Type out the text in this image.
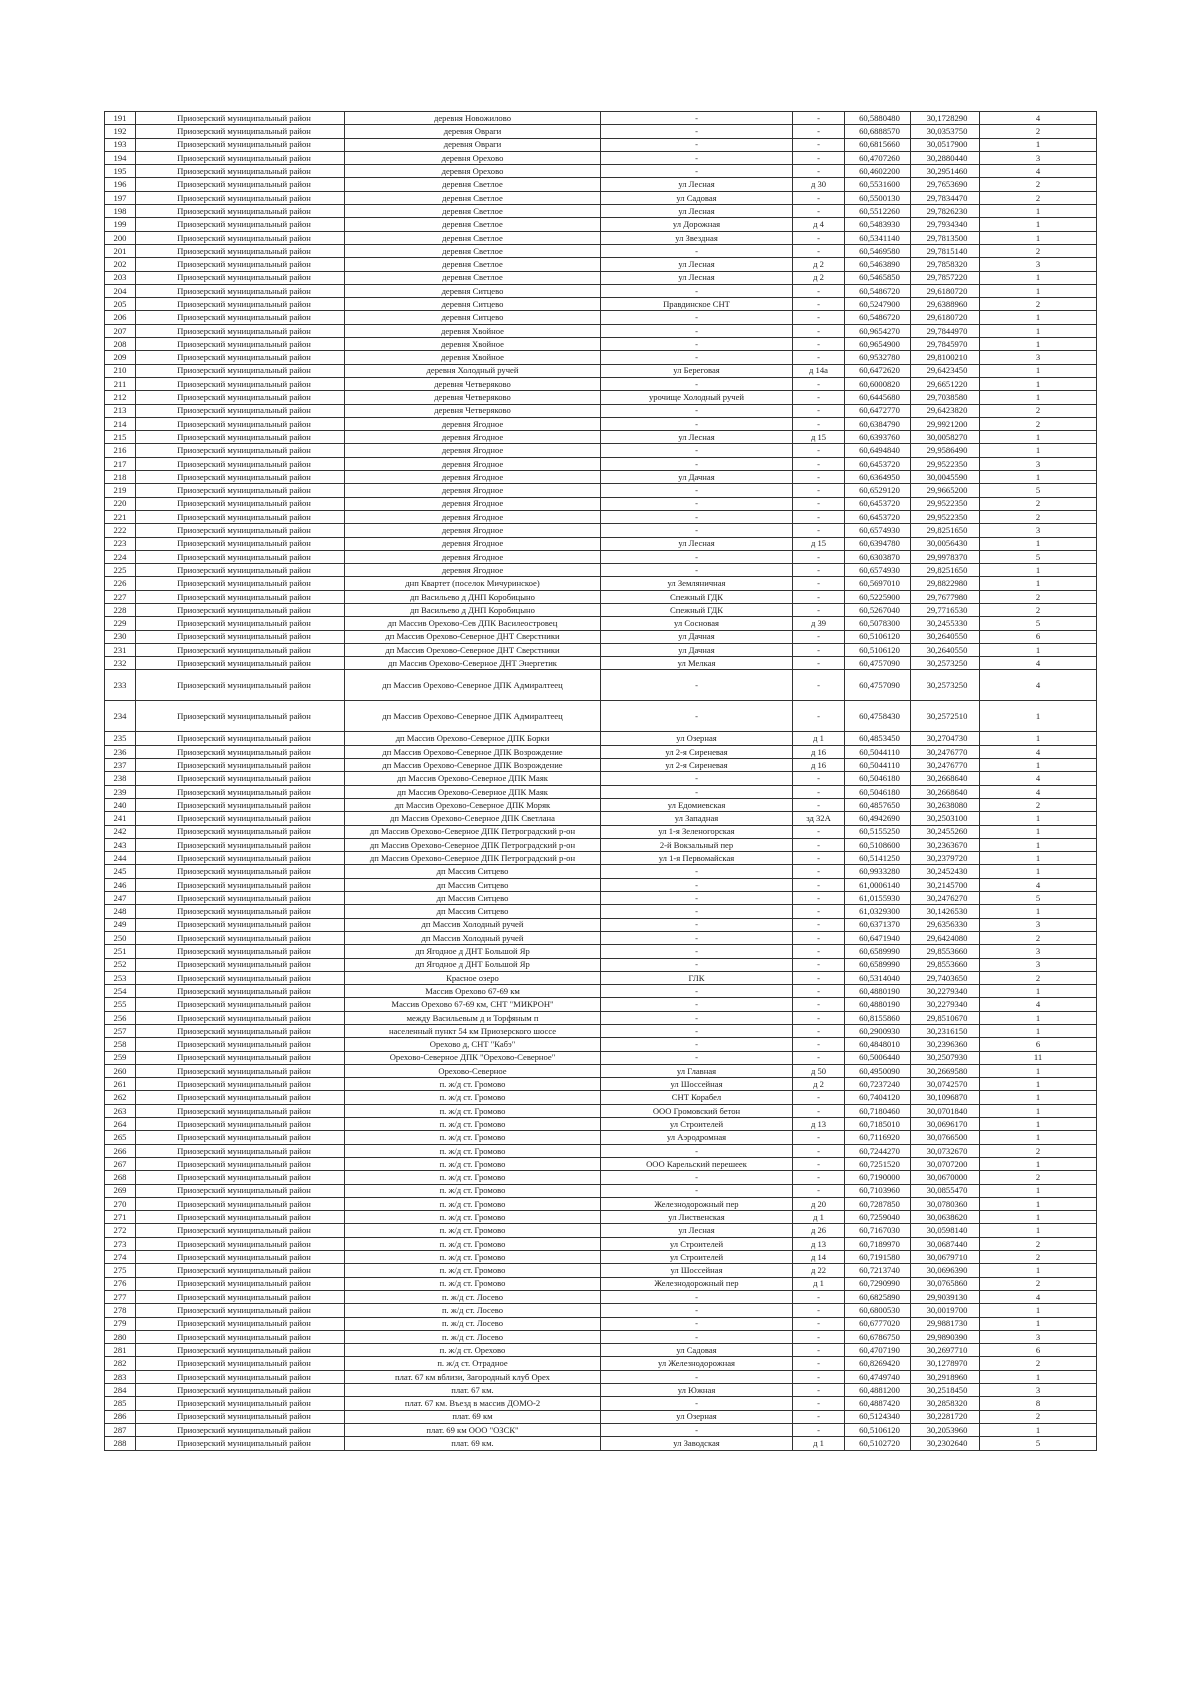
191	Приозерский муниципальный район	деревня Новожилово	-	-	60,5880480	30,1728290	4
192	Приозерский муниципальный район	деревня Овраги	-	-	60,6888570	30,0353750	2
193	Приозерский муниципальный район	деревня Овраги	-	-	60,6815660	30,0517900	1
194	Приозерский муниципальный район	деревня Орехово	-	-	60,4707260	30,2880440	3
195	Приозерский муниципальный район	деревня Орехово	-	-	60,4602200	30,2951460	4
196	Приозерский муниципальный район	деревня Светлое	ул Лесная	д 30	60,5531600	29,7653690	2
197	Приозерский муниципальный район	деревня Светлое	ул Садовая	-	60,5500130	29,7834470	2
198	Приозерский муниципальный район	деревня Светлое	ул Лесная	-	60,5512260	29,7826230	1
199	Приозерский муниципальный район	деревня Светлое	ул Дорожная	д 4	60,5483930	29,7934340	1
200	Приозерский муниципальный район	деревня Светлое	ул Звездная	-	60,5341140	29,7813500	1
201	Приозерский муниципальный район	деревня Светлое	-	-	60,5469580	29,7815140	2
202	Приозерский муниципальный район	деревня Светлое	ул Лесная	д 2	60,5463890	29,7858320	3
203	Приозерский муниципальный район	деревня Светлое	ул Лесная	д 2	60,5465850	29,7857220	1
204	Приозерский муниципальный район	деревня Ситцево	-	-	60,5486720	29,6180720	1
205	Приозерский муниципальный район	деревня Ситцево	Правдинское СНТ	-	60,5247900	29,6388960	2
206	Приозерский муниципальный район	деревня Ситцево	-	-	60,5486720	29,6180720	1
207	Приозерский муниципальный район	деревня Хвойное	-	-	60,9654270	29,7844970	1
208	Приозерский муниципальный район	деревня Хвойное	-	-	60,9654900	29,7845970	1
209	Приозерский муниципальный район	деревня Хвойное	-	-	60,9532780	29,8100210	3
210	Приозерский муниципальный район	деревня Холодный ручей	ул Береговая	д 14а	60,6472620	29,6423450	1
211	Приозерский муниципальный район	деревня Четверяково	-	-	60,6000820	29,6651220	1
212	Приозерский муниципальный район	деревня Четверяково	урочище Холодный ручей	-	60,6445680	29,7038580	1
213	Приозерский муниципальный район	деревня Четверяково	-	-	60,6472770	29,6423820	2
214	Приозерский муниципальный район	деревня Ягодное	-	-	60,6384790	29,9921200	2
215	Приозерский муниципальный район	деревня Ягодное	ул Лесная	д 15	60,6393760	30,0058270	1
216	Приозерский муниципальный район	деревня Ягодное	-	-	60,6494840	29,9586490	1
217	Приозерский муниципальный район	деревня Ягодное	-	-	60,6453720	29,9522350	3
218	Приозерский муниципальный район	деревня Ягодное	ул Дачная	-	60,6364950	30,0045590	1
219	Приозерский муниципальный район	деревня Ягодное	-	-	60,6529120	29,9665200	5
220	Приозерский муниципальный район	деревня Ягодное	-	-	60,6453720	29,9522350	2
221	Приозерский муниципальный район	деревня Ягодное	-	-	60,6453720	29,9522350	2
222	Приозерский муниципальный район	деревня Ягодное	-	-	60,6574930	29,8251650	3
223	Приозерский муниципальный район	деревня Ягодное	ул Лесная	д 15	60,6394780	30,0056430	1
224	Приозерский муниципальный район	деревня Ягодное	-	-	60,6303870	29,9978370	5
225	Приозерский муниципальный район	деревня Ягодное	-	-	60,6574930	29,8251650	1
226	Приозерский муниципальный район	днп Квартет (поселок Мичуринское)	ул Земляничная	-	60,5697010	29,8822980	1
227	Приозерский муниципальный район	дп Васильево д ДНП Коробицыно	Спежный ГДК	-	60,5225900	29,7677980	2
228	Приозерский муниципальный район	дп Васильево д ДНП Коробицыно	Спежный ГДК	-	60,5267040	29,7716530	2
229	Приозерский муниципальный район	дп Массив Орехово-Сев ДПК Василеостровец	ул Сосновая	д 39	60,5078300	30,2455330	5
230	Приозерский муниципальный район	дп Массив Орехово-Северное ДНТ Сверстники	ул Дачная	-	60,5106120	30,2640550	6
231	Приозерский муниципальный район	дп Массив Орехово-Северное ДНТ Сверстники	ул Дачная	-	60,5106120	30,2640550	1
232	Приозерский муниципальный район	дп Массив Орехово-Северное ДНТ Энергетик	ул Мелкая	-	60,4757090	30,2573250	4
233	Приозерский муниципальный район	дп Массив Орехово-Северное ДПК Адмиралтеец	-	-	60,4757090	30,2573250	4
234	Приозерский муниципальный район	дп Массив Орехово-Северное ДПК Адмиралтеец	-	-	60,4758430	30,2572510	1
235	Приозерский муниципальный район	дп Массив Орехово-Северное ДПК Борки	ул Озерная	д 1	60,4853450	30,2704730	1
236	Приозерский муниципальный район	дп Массив Орехово-Северное ДПК Возрождение	ул 2-я Сиреневая	д 16	60,5044110	30,2476770	4
237	Приозерский муниципальный район	дп Массив Орехово-Северное ДПК Возрождение	ул 2-я Сиреневая	д 16	60,5044110	30,2476770	1
238	Приозерский муниципальный район	дп Массив Орехово-Северное ДПК Маяк	-	-	60,5046180	30,2668640	4
239	Приозерский муниципальный район	дп Массив Орехово-Северное ДПК Маяк	-	-	60,5046180	30,2668640	4
240	Приозерский муниципальный район	дп Массив Орехово-Северное ДПК Моряк	ул Едомиевская	-	60,4857650	30,2638080	2
241	Приозерский муниципальный район	дп Массив Орехово-Северное ДПК Светлана	ул Западная	зд 32А	60,4942690	30,2503100	1
242	Приозерский муниципальный район	дп Массив Орехово-Северное ДПК Петроградский р-он	ул 1-я Зеленогорская	-	60,5155250	30,2455260	1
243	Приозерский муниципальный район	дп Массив Орехово-Северное ДПК Петроградский р-он	2-й Вокзальный пер	-	60,5108600	30,2363670	1
244	Приозерский муниципальный район	дп Массив Орехово-Северное ДПК Петроградский р-он	ул 1-я Первомайская	-	60,5141250	30,2379720	1
245	Приозерский муниципальный район	дп Массив Ситцево	-	-	60,9933280	30,2452430	1
246	Приозерский муниципальный район	дп Массив Ситцево	-	-	61,0006140	30,2145700	4
247	Приозерский муниципальный район	дп Массив Ситцево	-	-	61,0155930	30,2476270	5
248	Приозерский муниципальный район	дп Массив Ситцево	-	-	61,0329300	30,1426530	1
249	Приозерский муниципальный район	дп Массив Холодный ручей	-	-	60,6371370	29,6356330	3
250	Приозерский муниципальный район	дп Массив Холодный ручей	-	-	60,6471940	29,6424080	2
251	Приозерский муниципальный район	дп Ягодное д ДНТ Большой Яр	-	-	60,6589990	29,8553660	3
252	Приозерский муниципальный район	дп Ягодное д ДНТ Большой Яр	-	-	60,6589990	29,8553660	3
253	Приозерский муниципальный район	Красное озеро	ГЛК	-	60,5314040	29,7403650	2
254	Приозерский муниципальный район	Массив Орехово 67-69 км	-	-	60,4880190	30,2279340	1
255	Приозерский муниципальный район	Массив Орехово 67-69 км, СНТ "МИКРОН"	-	-	60,4880190	30,2279340	4
256	Приозерский муниципальный район	между Васильевым д и Торфяным п	-	-	60,8155860	29,8510670	1
257	Приозерский муниципальный район	населенный пункт 54 км Приозерского шоссе	-	-	60,2900930	30,2316150	1
258	Приозерский муниципальный район	Орехово д, СНТ "Кабэ"	-	-	60,4848010	30,2396360	6
259	Приозерский муниципальный район	Орехово-Северное ДПК "Орехово-Северное"	-	-	60,5006440	30,2507930	11
260	Приозерский муниципальный район	Орехово-Северное	ул Главная	д 50	60,4950090	30,2669580	1
261	Приозерский муниципальный район	п. ж/д ст. Громово	ул Шоссейная	д 2	60,7237240	30,0742570	1
262	Приозерский муниципальный район	п. ж/д ст. Громово	СНТ Корабел	-	60,7404120	30,1096870	1
263	Приозерский муниципальный район	п. ж/д ст. Громово	ООО Громовский бетон	-	60,7180460	30,0701840	1
264	Приозерский муниципальный район	п. ж/д ст. Громово	ул Строителей	д 13	60,7185010	30,0696170	1
265	Приозерский муниципальный район	п. ж/д ст. Громово	ул Аэродромная	-	60,7116920	30,0766500	1
266	Приозерский муниципальный район	п. ж/д ст. Громово	-	-	60,7244270	30,0732670	2
267	Приозерский муниципальный район	п. ж/д ст. Громово	ООО Карельский перешеек	-	60,7251520	30,0707200	1
268	Приозерский муниципальный район	п. ж/д ст. Громово	-	-	60,7190000	30,0670000	2
269	Приозерский муниципальный район	п. ж/д ст. Громово	-	-	60,7103960	30,0855470	1
270	Приозерский муниципальный район	п. ж/д ст. Громово	Железнодорожный пер	д 20	60,7287850	30,0780360	1
271	Приозерский муниципальный район	п. ж/д ст. Громово	ул Лиственская	д 1	60,7259040	30,0638620	1
272	Приозерский муниципальный район	п. ж/д ст. Громово	ул Лесная	д 26	60,7167030	30,0598140	1
273	Приозерский муниципальный район	п. ж/д ст. Громово	ул Строителей	д 13	60,7189970	30,0687440	2
274	Приозерский муниципальный район	п. ж/д ст. Громово	ул Строителей	д 14	60,7191580	30,0679710	2
275	Приозерский муниципальный район	п. ж/д ст. Громово	ул Шоссейная	д 22	60,7213740	30,0696390	1
276	Приозерский муниципальный район	п. ж/д ст. Громово	Железнодорожный пер	д 1	60,7290990	30,0765860	2
277	Приозерский муниципальный район	п. ж/д ст. Лосево	-	-	60,6825890	29,9039130	4
278	Приозерский муниципальный район	п. ж/д ст. Лосево	-	-	60,6800530	30,0019700	1
279	Приозерский муниципальный район	п. ж/д ст. Лосево	-	-	60,6777020	29,9881730	1
280	Приозерский муниципальный район	п. ж/д ст. Лосево	-	-	60,6786750	29,9890390	3
281	Приозерский муниципальный район	п. ж/д ст. Орехово	ул Садовая	-	60,4707190	30,2697710	6
282	Приозерский муниципальный район	п. ж/д ст. Отрадное	ул Железнодорожная	-	60,8269420	30,1278970	2
283	Приозерский муниципальный район	плат. 67 км вблизи, Загородный клуб Орех	-	-	60,4749740	30,2918960	1
284	Приозерский муниципальный район	плат. 67 км.	ул Южная	-	60,4881200	30,2518450	3
285	Приозерский муниципальный район	плат. 67 км. Въезд в массив ДОМО-2	-	-	60,4887420	30,2858320	8
286	Приозерский муниципальный район	плат. 69 км	ул Озерная	-	60,5124340	30,2281720	2
287	Приозерский муниципальный район	плат. 69 км ООО "ОЗСК"	-	-	60,5106120	30,2053960	1
288	Приозерский муниципальный район	плат. 69 км.	ул Заводская	д 1	60,5102720	30,2302640	5
